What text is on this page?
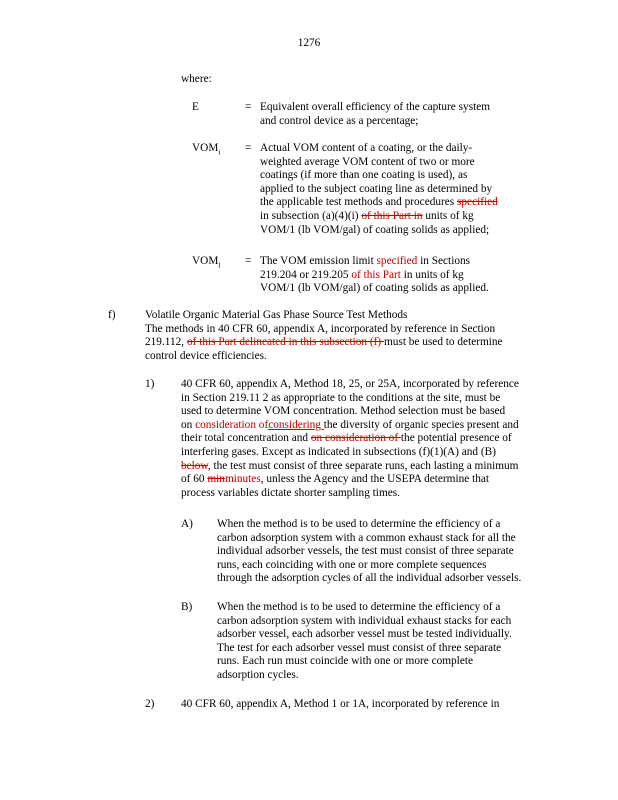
1276
where:
E	= Equivalent overall efficiency of the capture system
and control device as a percentage;
$VOM_i$ = Actual VOM content of a coating, or the daily-
weighted average VOM content of two or more
coatings (if more than one coating is used), as
applied to the subject coating line as determined by
the applicable test methods and procedures specified
in subsection (a)(4)(i) of this Part in units of kg
VOM/1 (lb VOM/gal) of coating solids as applied;
$VOM_l$ = The VOM emission limit specified in Sections
219.204 or 219.205 of this Part in units of kg
VOM/1 (lb VOM/gal) of coating solids as applied.
f)	Volatile Organic Material Gas Phase Source Test Methods
The methods in 40 CFR 60, appendix A, incorporated by reference in Section
219.112, of this Part delineated in this subsection (f) must be used to determine
control device efficiencies.
1) 40 CFR 60, appendix A, Method 18, 25, or 25A, incorporated by reference
in Section 219.11 2 as appropriate to the conditions at the site, must be
used to determine VOM concentration. Method selection must be based
on consideration ofconsidering the diversity of organic species present and
their total concentration and on consideration of the potential presence of
interfering gases. Except as indicated in subsections (f)(1)(A) and (B)
below, the test must consist of three separate runs, each lasting a minimum
of 60 minminutes, unless the Agency and the USEPA determine that
process variables dictate shorter sampling times.
A) When the method is to be used to determine the efficiency of a
carbon adsorption system with a common exhaust stack for all the
individual adsorber vessels, the test must consist of three separate
runs, each coinciding with one or more complete sequences
through the adsorption cycles of all the individual adsorber vessels.
B) When the method is to be used to determine the efficiency of a
carbon adsorption system with individual exhaust stacks for each
adsorber vessel, each adsorber vessel must be tested individually.
The test for each adsorber vessel must consist of three separate
runs. Each run must coincide with one or more complete
adsorption cycles.
2) 40 CFR 60, appendix A, Method 1 or 1A, incorporated by reference in
